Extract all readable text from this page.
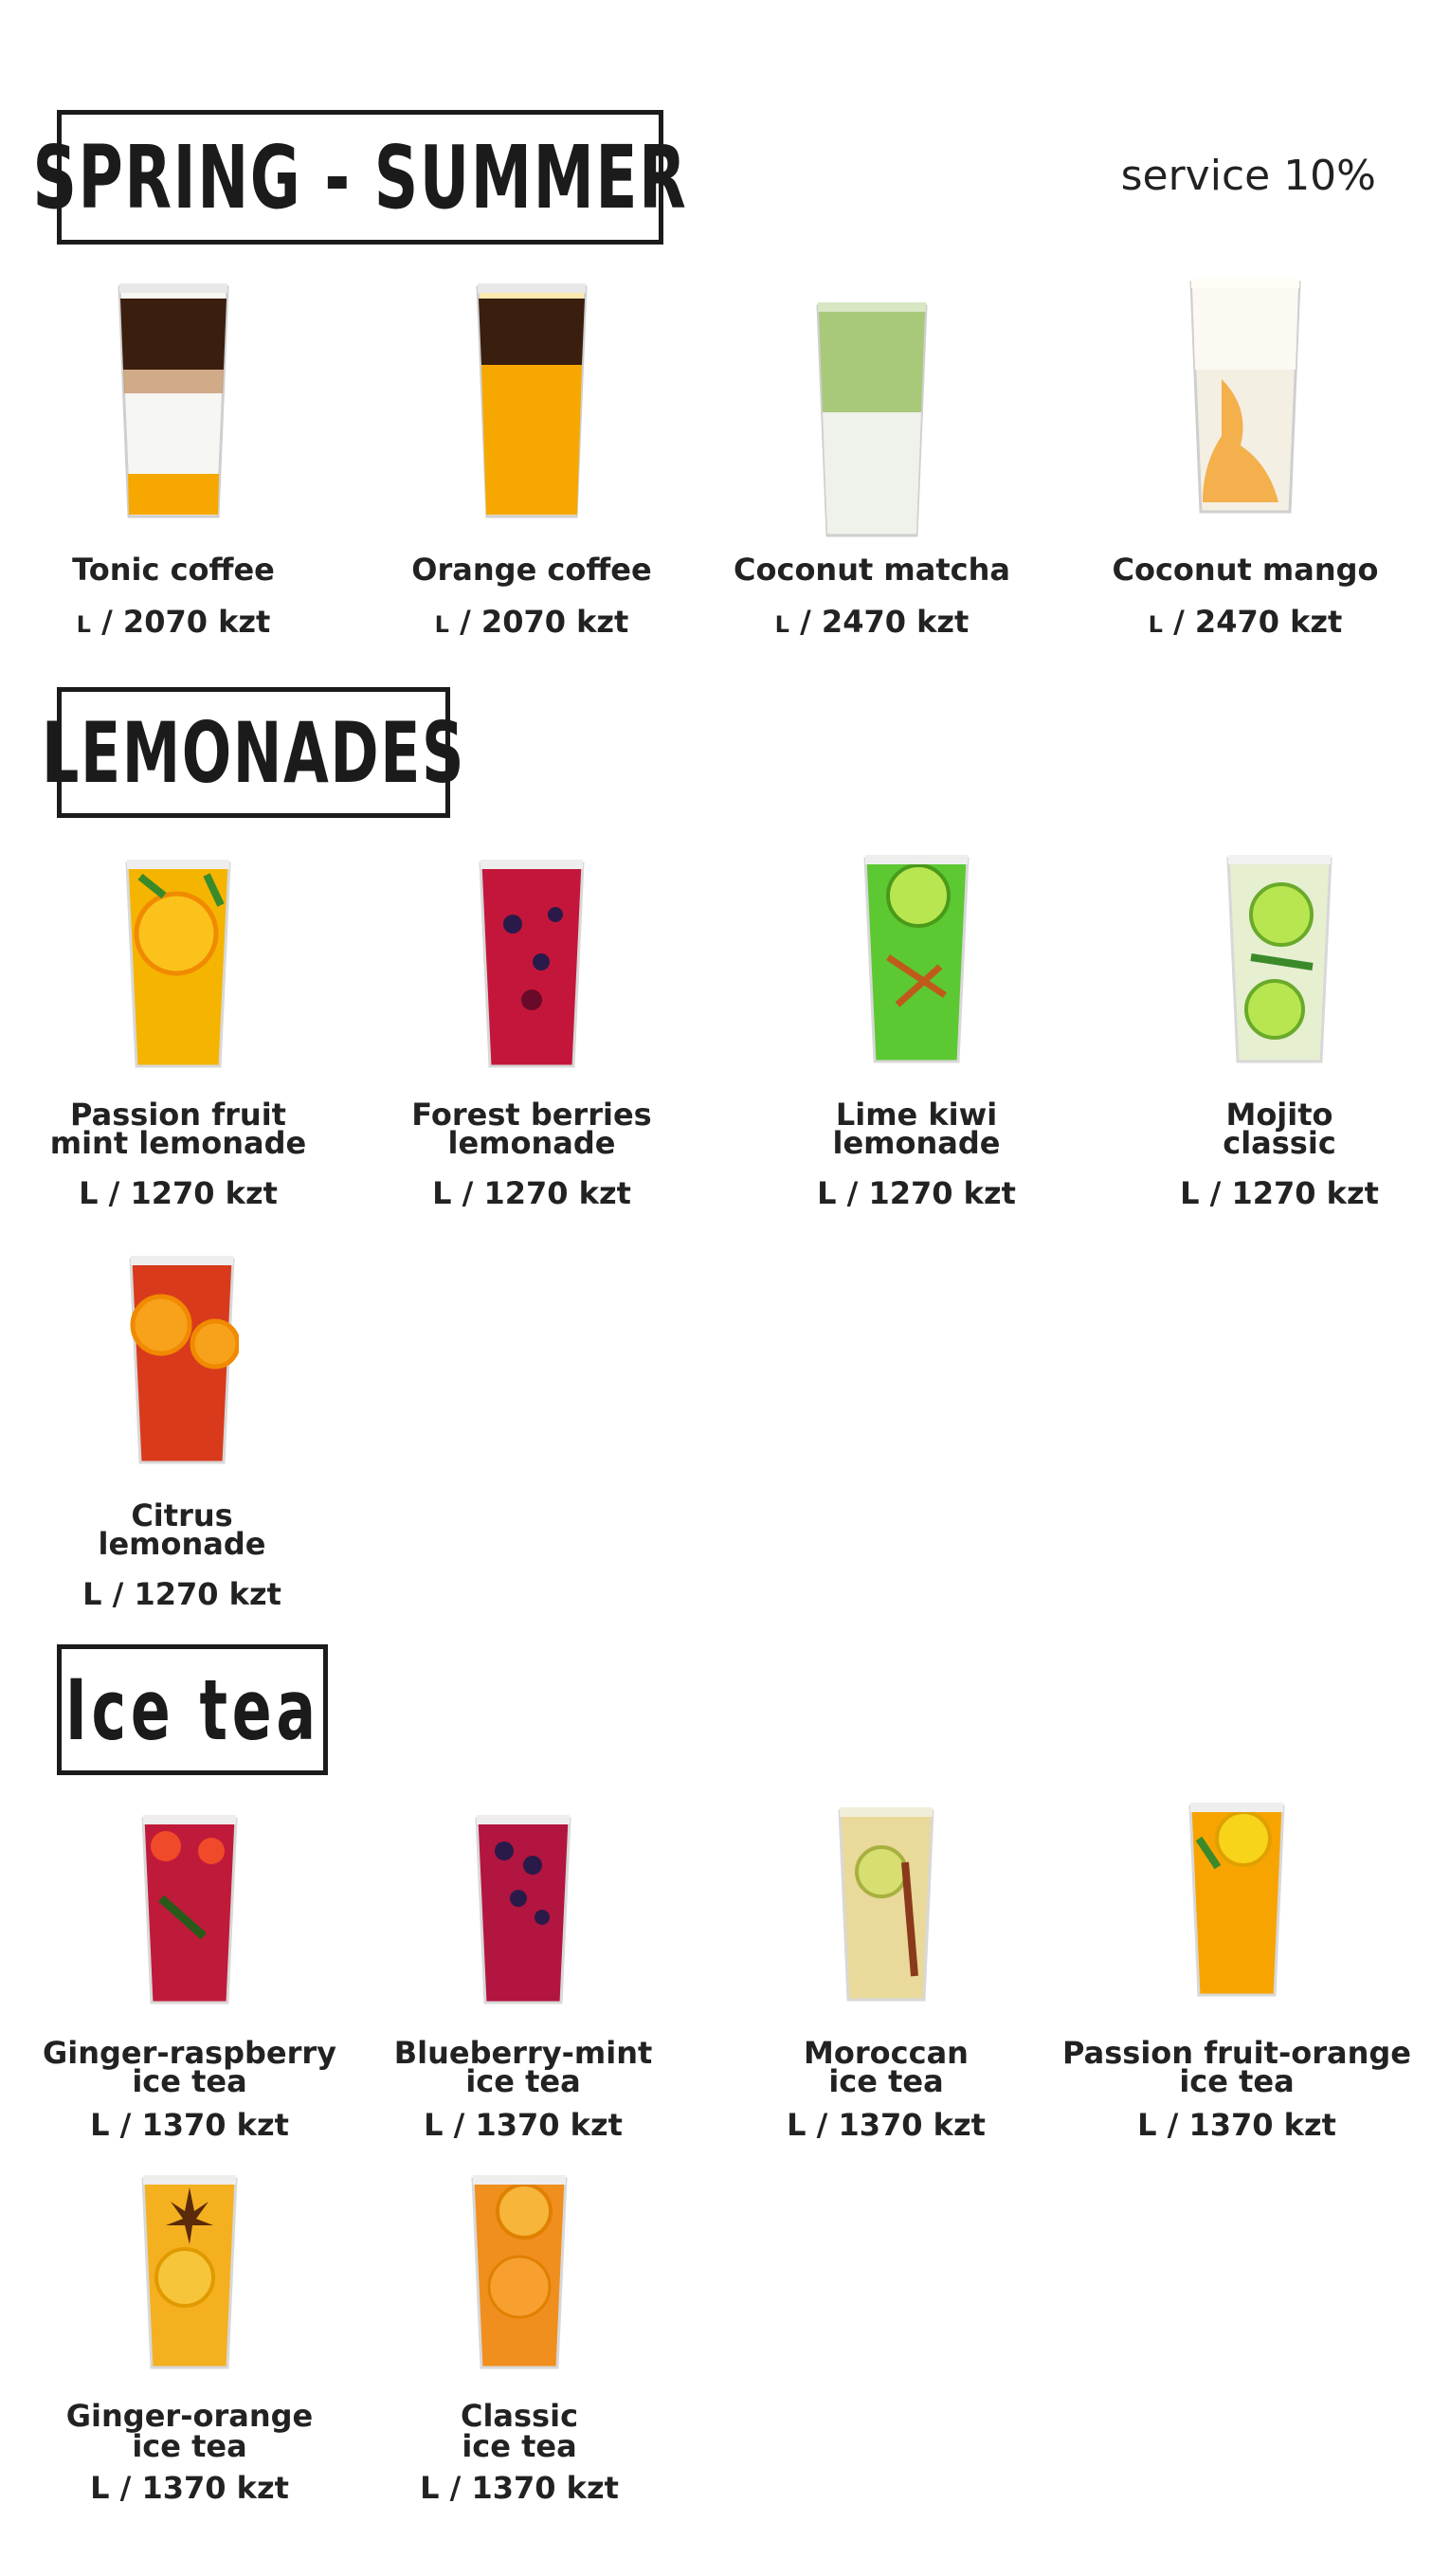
SPRING - SUMMER	service 10%
Tonic coffee
L / 2070 kzt
Orange coffee
L / 2070 kzt
Coconut matcha
L / 2470 kzt
Coconut mango
L / 2470 kzt
LEMONADES
Passion fruit
mint lemonade
L / 1270 kzt
Forest berries
lemonade
L / 1270 kzt
Lime kiwi
lemonade
L / 1270 kzt
Mojito
classic
L / 1270 kzt
Citrus
lemonade
L / 1270 kzt
Ice tea
Ginger-raspberry
ice tea
L / 1370 kzt
Blueberry-mint
ice tea
L / 1370 kzt
Moroccan
ice tea
L / 1370 kzt
Passion fruit-orange
ice tea
L / 1370 kzt
Ginger-orange
ice tea
L / 1370 kzt
Classic
ice tea
L / 1370 kzt
